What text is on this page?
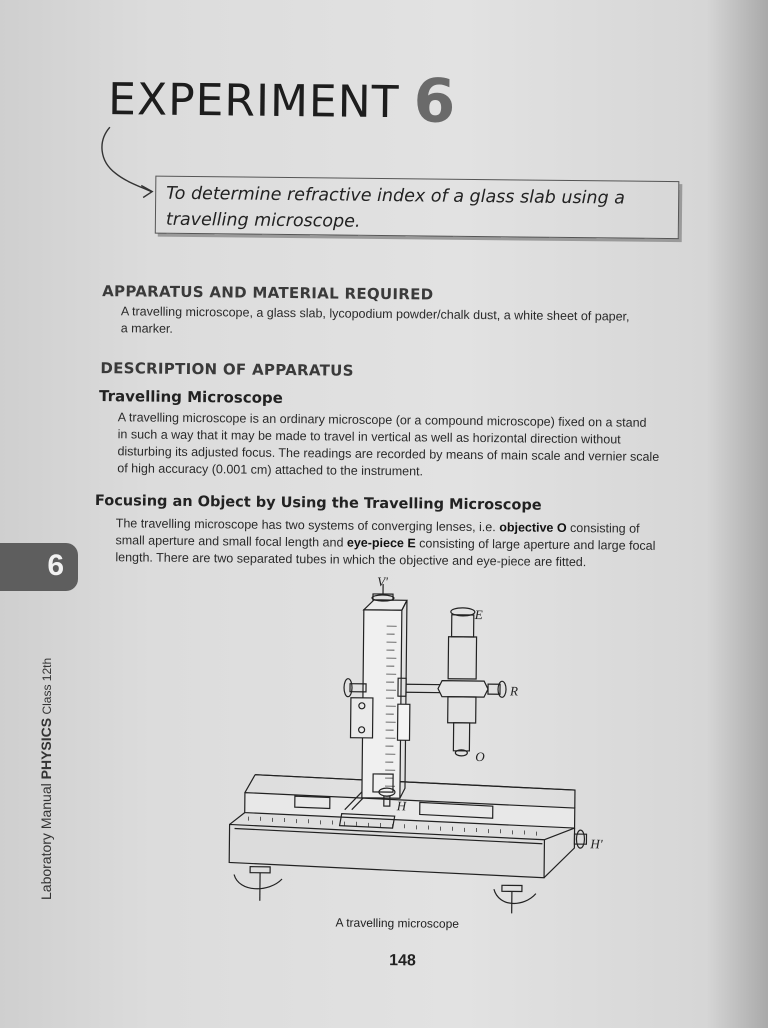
EXPERIMENT 6
To determine refractive index of a glass slab using a
travelling microscope.
APPARATUS AND MATERIAL REQUIRED
A travelling microscope, a glass slab, lycopodium powder/chalk dust, a white sheet of paper,
a marker.
DESCRIPTION OF APPARATUS
Travelling Microscope
A travelling microscope is an ordinary microscope (or a compound microscope) fixed on a stand
in such a way that it may be made to travel in vertical as well as horizontal direction without
disturbing its adjusted focus. The readings are recorded by means of main scale and vernier scale
of high accuracy (0.001 cm) attached to the instrument.
Focusing an Object by Using the Travelling Microscope
The travelling microscope has two systems of converging lenses, i.e. objective O consisting of
small aperture and small focal length and eye-piece E consisting of large aperture and large focal
length. There are two separated tubes in which the objective and eye-piece are fitted.
V'
E
R
O
H
H'
A travelling microscope
148
6
Laboratory Manual PHYSICS Class 12th
